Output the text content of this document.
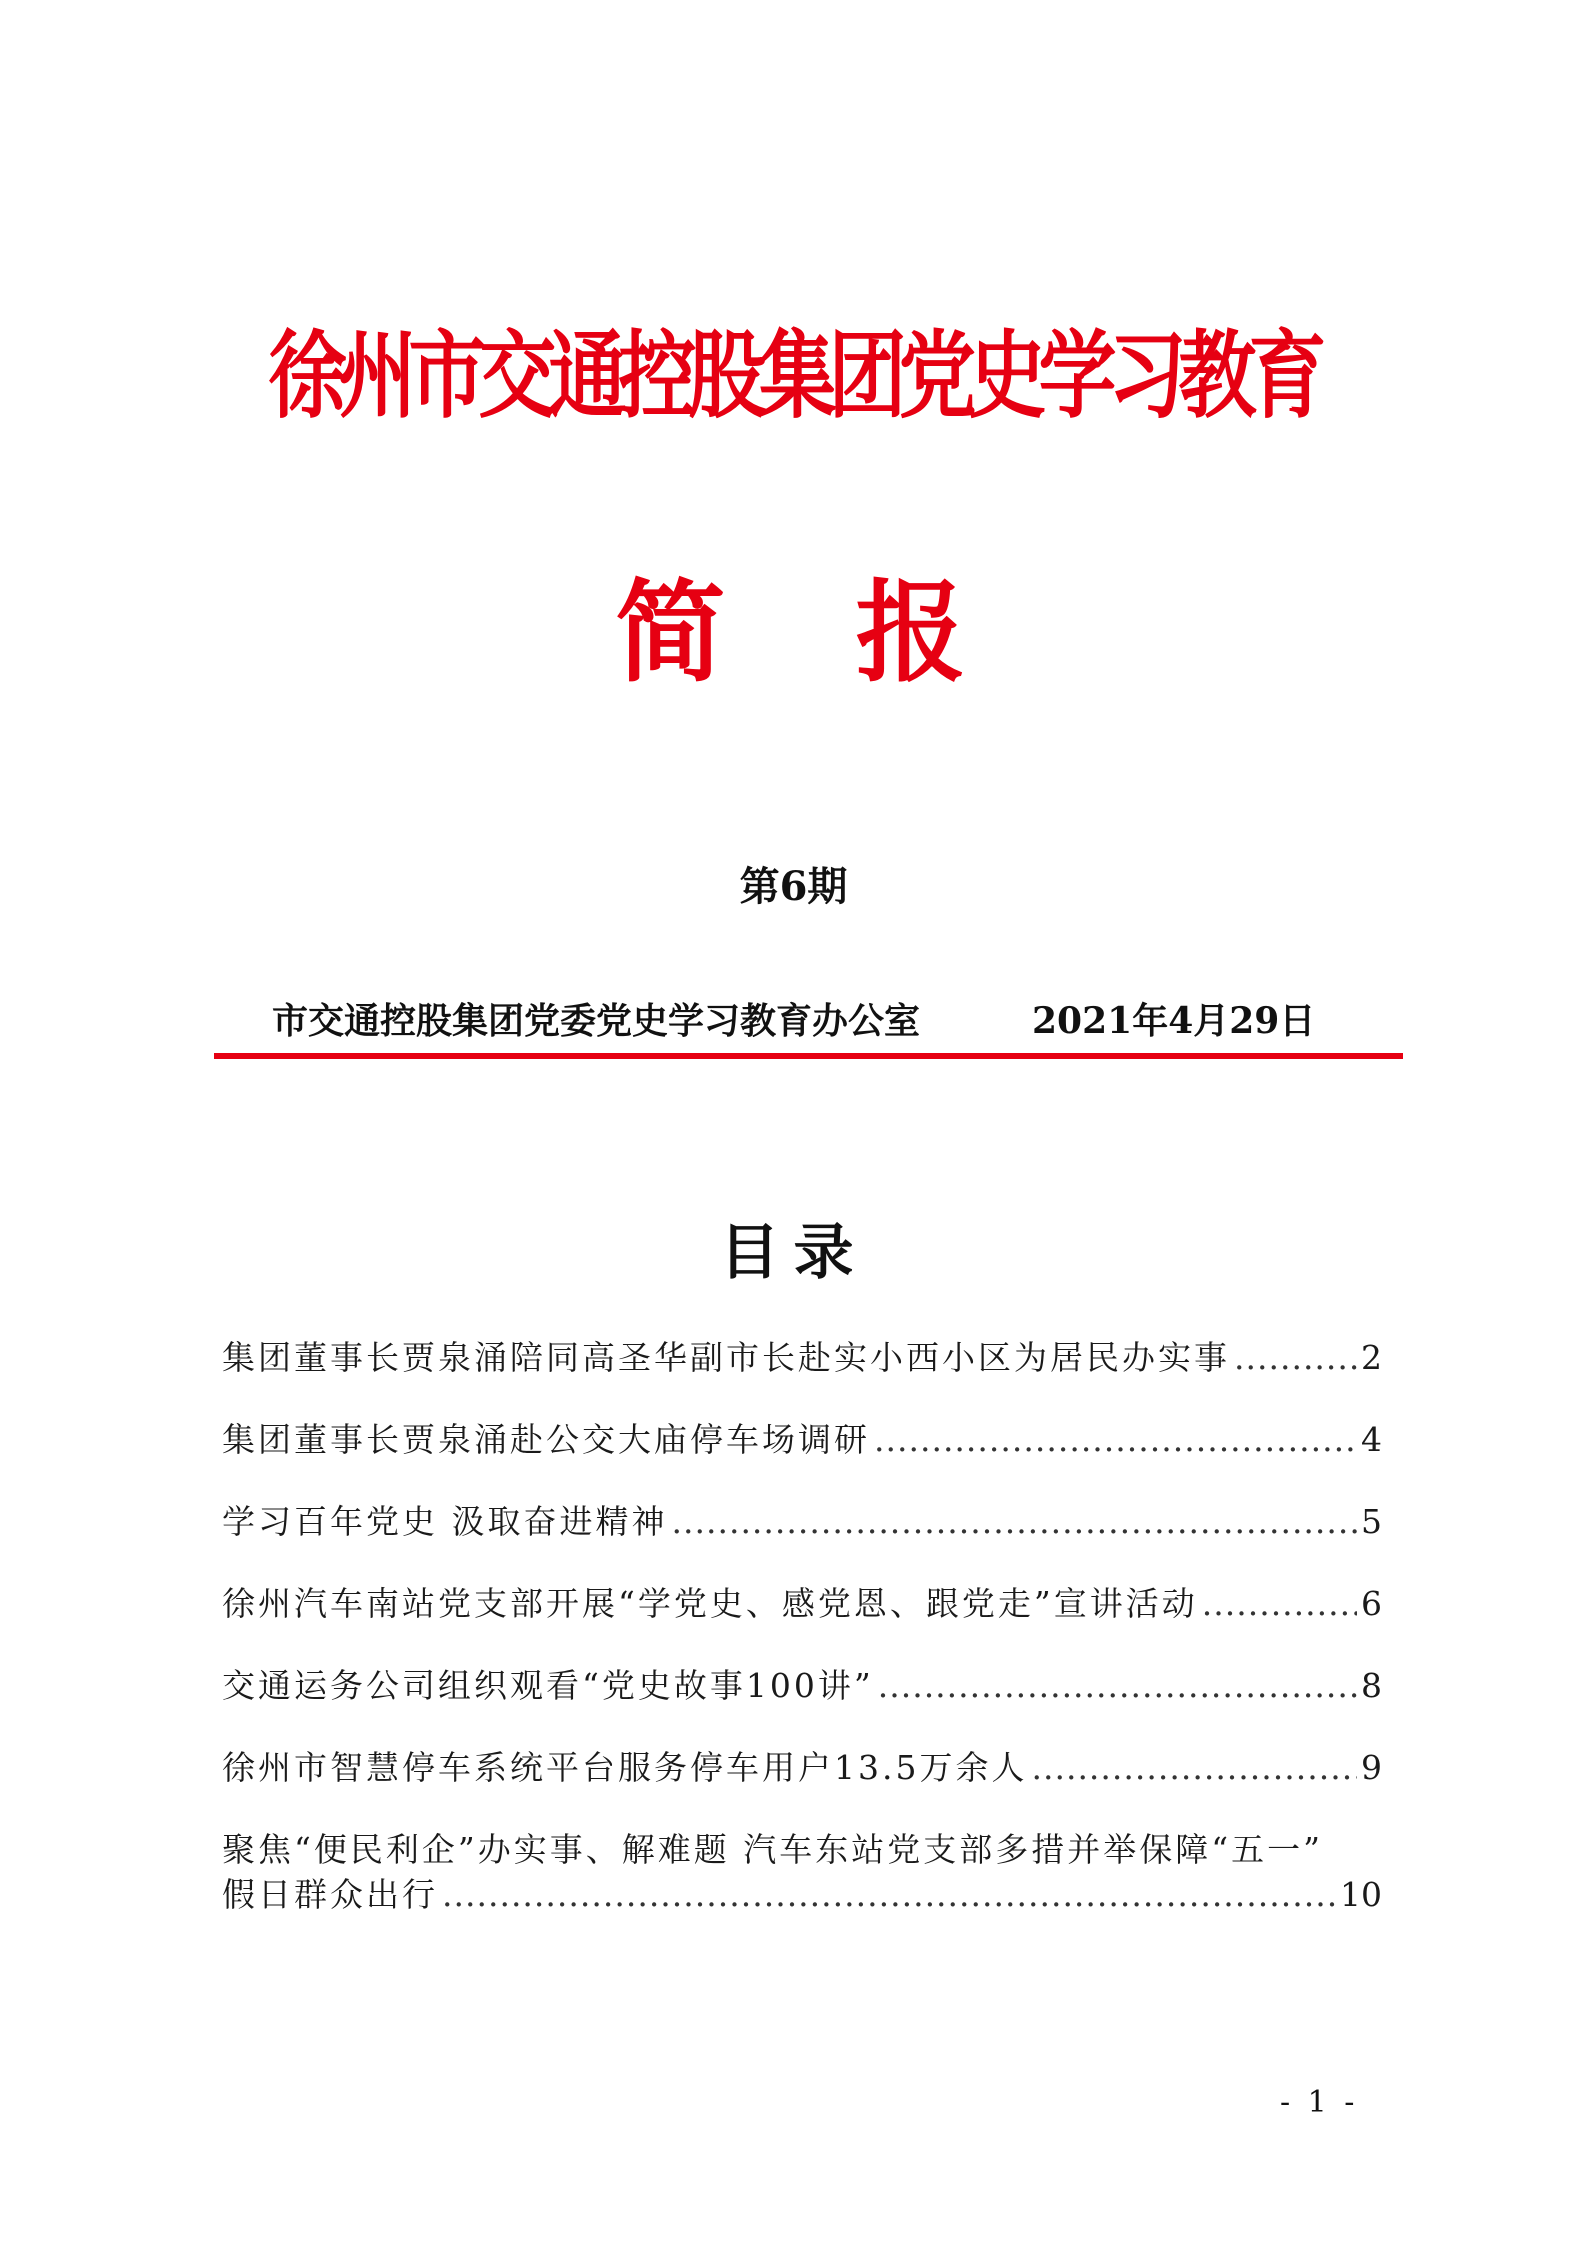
徐州市交通控股集团党史学习教育
简 报
第6期
市交通控股集团党委党史学习教育办公室	2021年4月29日
目录
集团董事长贾泉涌陪同高圣华副市长赴实小西小区为居民办实事 .....	2
集团董事长贾泉涌赴公交大庙停车场调研 .....	4
学习百年党史 汲取奋进精神 .....	5
徐州汽车南站党支部开展“学党史、感党恩、跟党走”宣讲活动 .....	6
交通运务公司组织观看“党史故事100讲” .....	8
徐州市智慧停车系统平台服务停车用户13.5万余人 .....	9
聚焦“便民利企”办实事、解难题 汽车东站党支部多措并举保障“五一”
假日群众出行 .....	10
- 1 -
